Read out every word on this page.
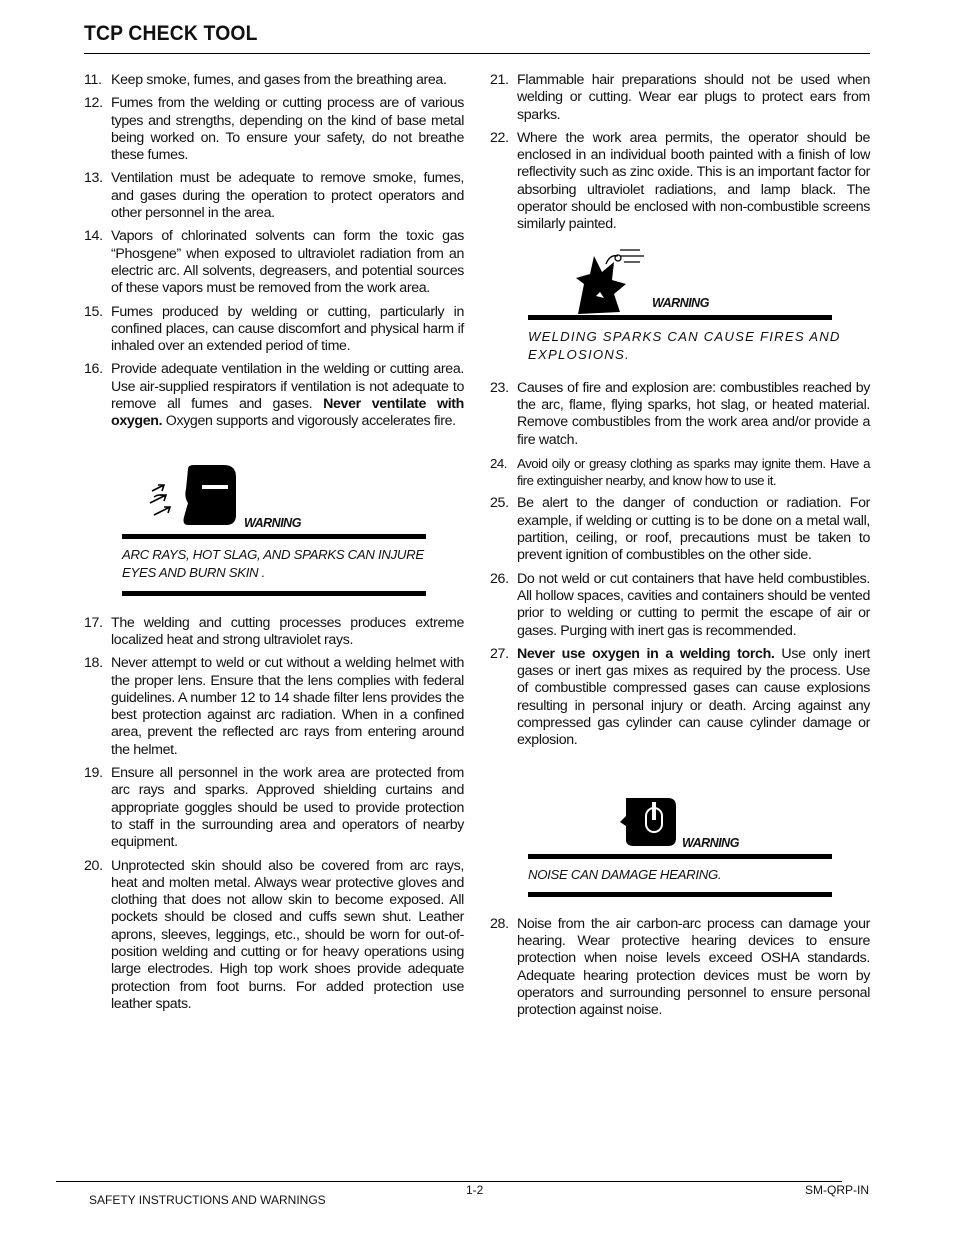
TCP CHECK TOOL
11. Keep smoke, fumes, and gases from the breathing area.
12. Fumes from the welding or cutting process are of various types and strengths, depending on the kind of base metal being worked on. To ensure your safety, do not breathe these fumes.
13. Ventilation must be adequate to remove smoke, fumes, and gases during the operation to protect operators and other personnel in the area.
14. Vapors of chlorinated solvents can form the toxic gas “Phosgene” when exposed to ultraviolet radiation from an electric arc. All solvents, degreasers, and potential sources of these vapors must be removed from the work area.
15. Fumes produced by welding or cutting, particularly in confined places, can cause discomfort and physical harm if inhaled over an extended period of time.
16. Provide adequate ventilation in the welding or cutting area. Use air-supplied respirators if ventilation is not adequate to remove all fumes and gases. Never ventilate with oxygen. Oxygen supports and vigorously accelerates fire.
WARNING
ARC RAYS, HOT SLAG, AND SPARKS CAN INJURE EYES AND BURN SKIN .
17. The welding and cutting processes produces extreme localized heat and strong ultraviolet rays.
18. Never attempt to weld or cut without a welding helmet with the proper lens. Ensure that the lens complies with federal guidelines. A number 12 to 14 shade filter lens provides the best protection against arc radiation. When in a confined area, prevent the reflected arc rays from entering around the helmet.
19. Ensure all personnel in the work area are protected from arc rays and sparks. Approved shielding curtains and appropriate goggles should be used to provide protection to staff in the surrounding area and operators of nearby equipment.
20. Unprotected skin should also be covered from arc rays, heat and molten metal. Always wear protective gloves and clothing that does not allow skin to become exposed. All pockets should be closed and cuffs sewn shut. Leather aprons, sleeves, leggings, etc., should be worn for out-of-position welding and cutting or for heavy operations using large electrodes. High top work shoes provide adequate protection from foot burns. For added protection use leather spats.
21. Flammable hair preparations should not be used when welding or cutting. Wear ear plugs to protect ears from sparks.
22. Where the work area permits, the operator should be enclosed in an individual booth painted with a finish of low reflectivity such as zinc oxide. This is an important factor for absorbing ultraviolet radiations, and lamp black. The operator should be enclosed with non-combustible screens similarly painted.
WARNING
WELDING SPARKS CAN CAUSE FIRES AND EXPLOSIONS.
23. Causes of fire and explosion are: combustibles reached by the arc, flame, flying sparks, hot slag, or heated material. Remove combustibles from the work area and/or provide a fire watch.
24. Avoid oily or greasy clothing as sparks may ignite them. Have a fire extinguisher nearby, and know how to use it.
25. Be alert to the danger of conduction or radiation. For example, if welding or cutting is to be done on a metal wall, partition, ceiling, or roof, precautions must be taken to prevent ignition of combustibles on the other side.
26. Do not weld or cut containers that have held combustibles. All hollow spaces, cavities and containers should be vented prior to welding or cutting to permit the escape of air or gases. Purging with inert gas is recommended.
27. Never use oxygen in a welding torch. Use only inert gases or inert gas mixes as required by the process. Use of combustible compressed gases can cause explosions resulting in personal injury or death. Arcing against any compressed gas cylinder can cause cylinder damage or explosion.
WARNING
NOISE CAN DAMAGE HEARING.
28. Noise from the air carbon-arc process can damage your hearing. Wear protective hearing devices to ensure protection when noise levels exceed OSHA standards. Adequate hearing protection devices must be worn by operators and surrounding personnel to ensure personal protection against noise.
SAFETY INSTRUCTIONS AND WARNINGS
1-2	SM-QRP-IN
